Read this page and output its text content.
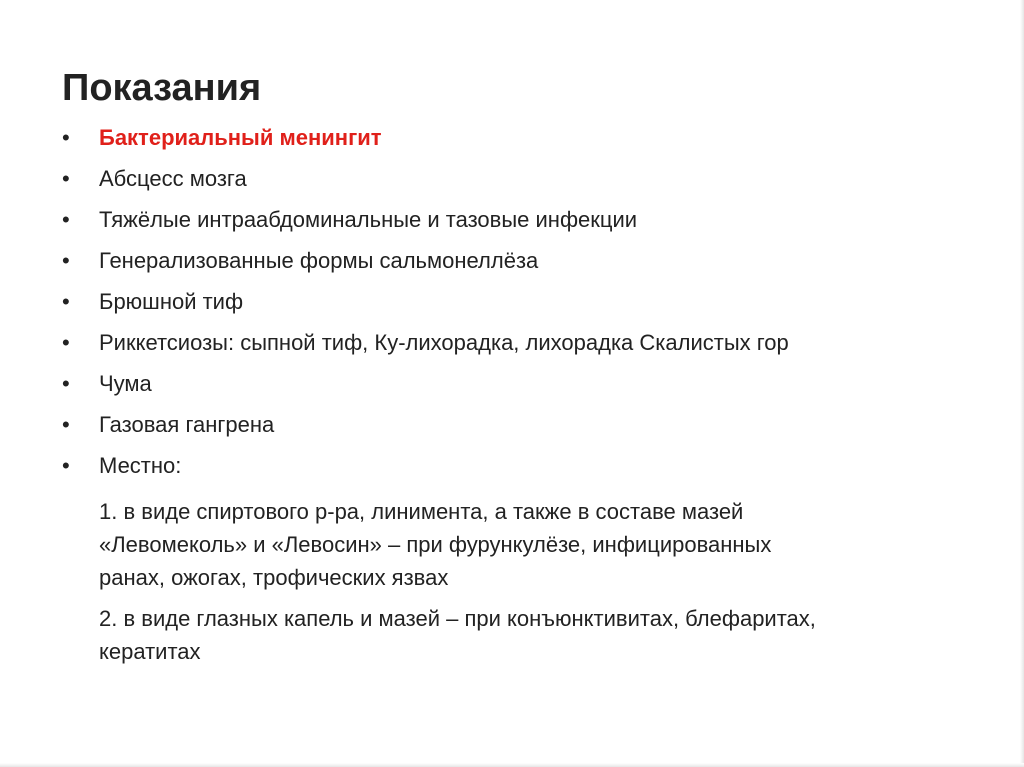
Показания
• Бактериальный менингит
• Абсцесс мозга
• Тяжёлые интраабдоминальные и тазовые инфекции
• Генерализованные формы сальмонеллёза
• Брюшной тиф
• Риккетсиозы: сыпной тиф, Ку-лихорадка, лихорадка Скалистых гор
• Чума
• Газовая гангрена
• Местно:
1. в виде спиртового р-ра, линимента, а также в составе мазей
«Левомеколь» и «Левосин» – при фурункулёзе, инфицированных
ранах, ожогах, трофических язвах
2. в виде глазных капель и мазей – при конъюнктивитах, блефаритах,
кератитах
